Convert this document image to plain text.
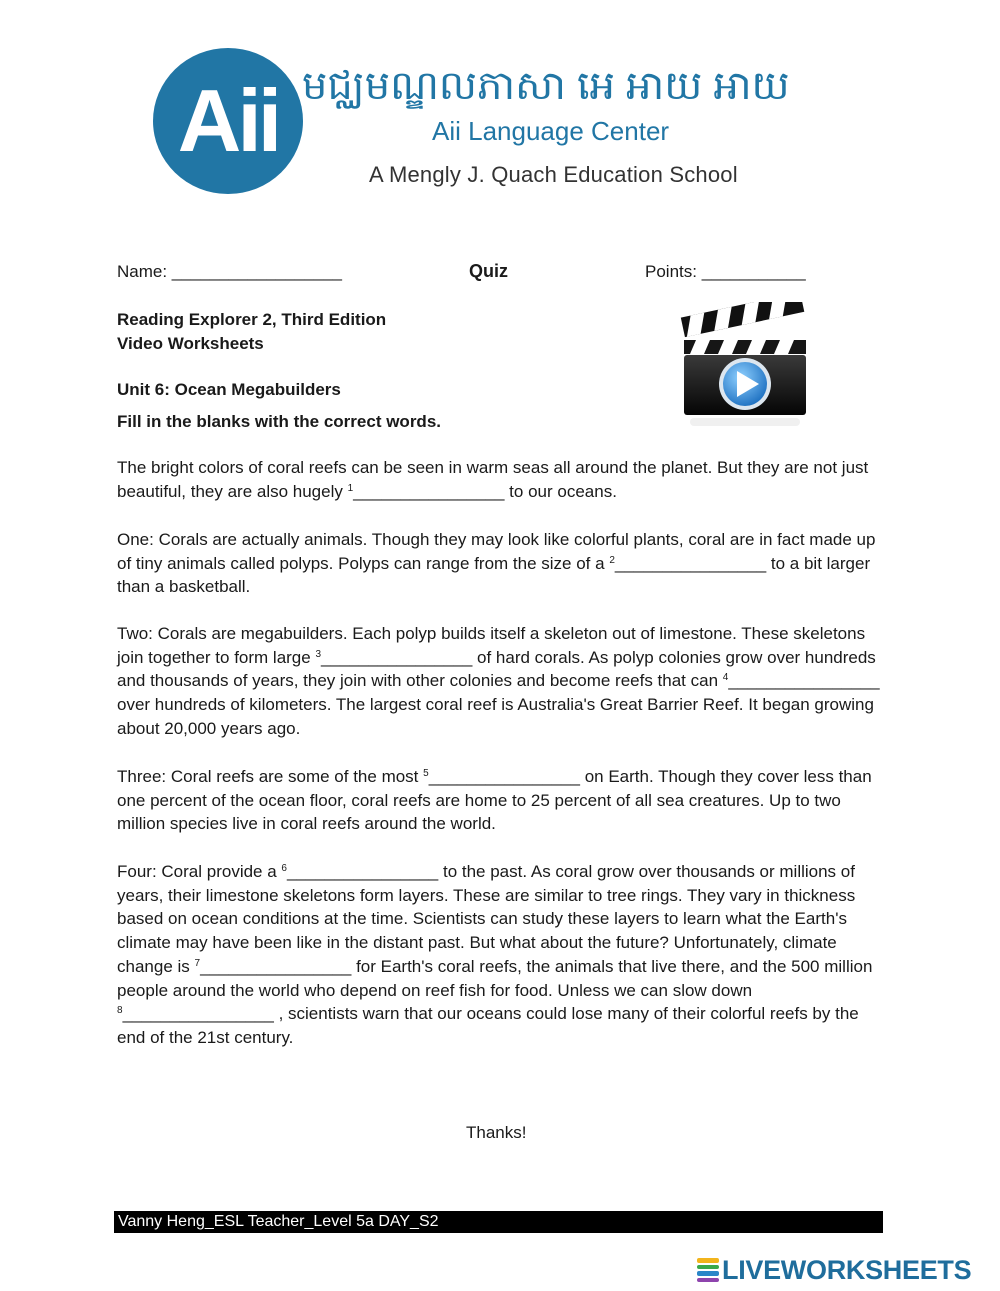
Aii មជ្ឈមណ្ឌលភាសា អេ អាយ អាយ
Aii Language Center
A Mengly J. Quach Education School
Name: __________________	Quiz	Points: ___________
Reading Explorer 2, Third Edition
Video Worksheets
Unit 6: Ocean Megabuilders
Fill in the blanks with the correct words.
The bright colors of coral reefs can be seen in warm seas all around the planet. But they are not just beautiful, they are also hugely $^1$________________ to our oceans.
One: Corals are actually animals. Though they may look like colorful plants, coral are in fact made up of tiny animals called polyps. Polyps can range from the size of a $^2$________________ to a bit larger than a basketball.
Two: Corals are megabuilders. Each polyp builds itself a skeleton out of limestone. These skeletons join together to form large $^3$________________ of hard corals. As polyp colonies grow over hundreds and thousands of years, they join with other colonies and become reefs that can $^4$________________ over hundreds of kilometers. The largest coral reef is Australia's Great Barrier Reef. It began growing about 20,000 years ago.
Three: Coral reefs are some of the most $^5$________________ on Earth. Though they cover less than one percent of the ocean floor, coral reefs are home to 25 percent of all sea creatures. Up to two million species live in coral reefs around the world.
Four: Coral provide a $^6$________________ to the past. As coral grow over thousands or millions of years, their limestone skeletons form layers. These are similar to tree rings. They vary in thickness based on ocean conditions at the time. Scientists can study these layers to learn what the Earth's climate may have been like in the distant past. But what about the future? Unfortunately, climate change is $^7$________________ for Earth's coral reefs, the animals that live there, and the 500 million people around the world who depend on reef fish for food. Unless we can slow down $^8$________________ , scientists warn that our oceans could lose many of their colorful reefs by the end of the 21st century.
Thanks!
Vanny Heng_ESL Teacher_Level 5a DAY_S2
LIVEWORKSHEETS
